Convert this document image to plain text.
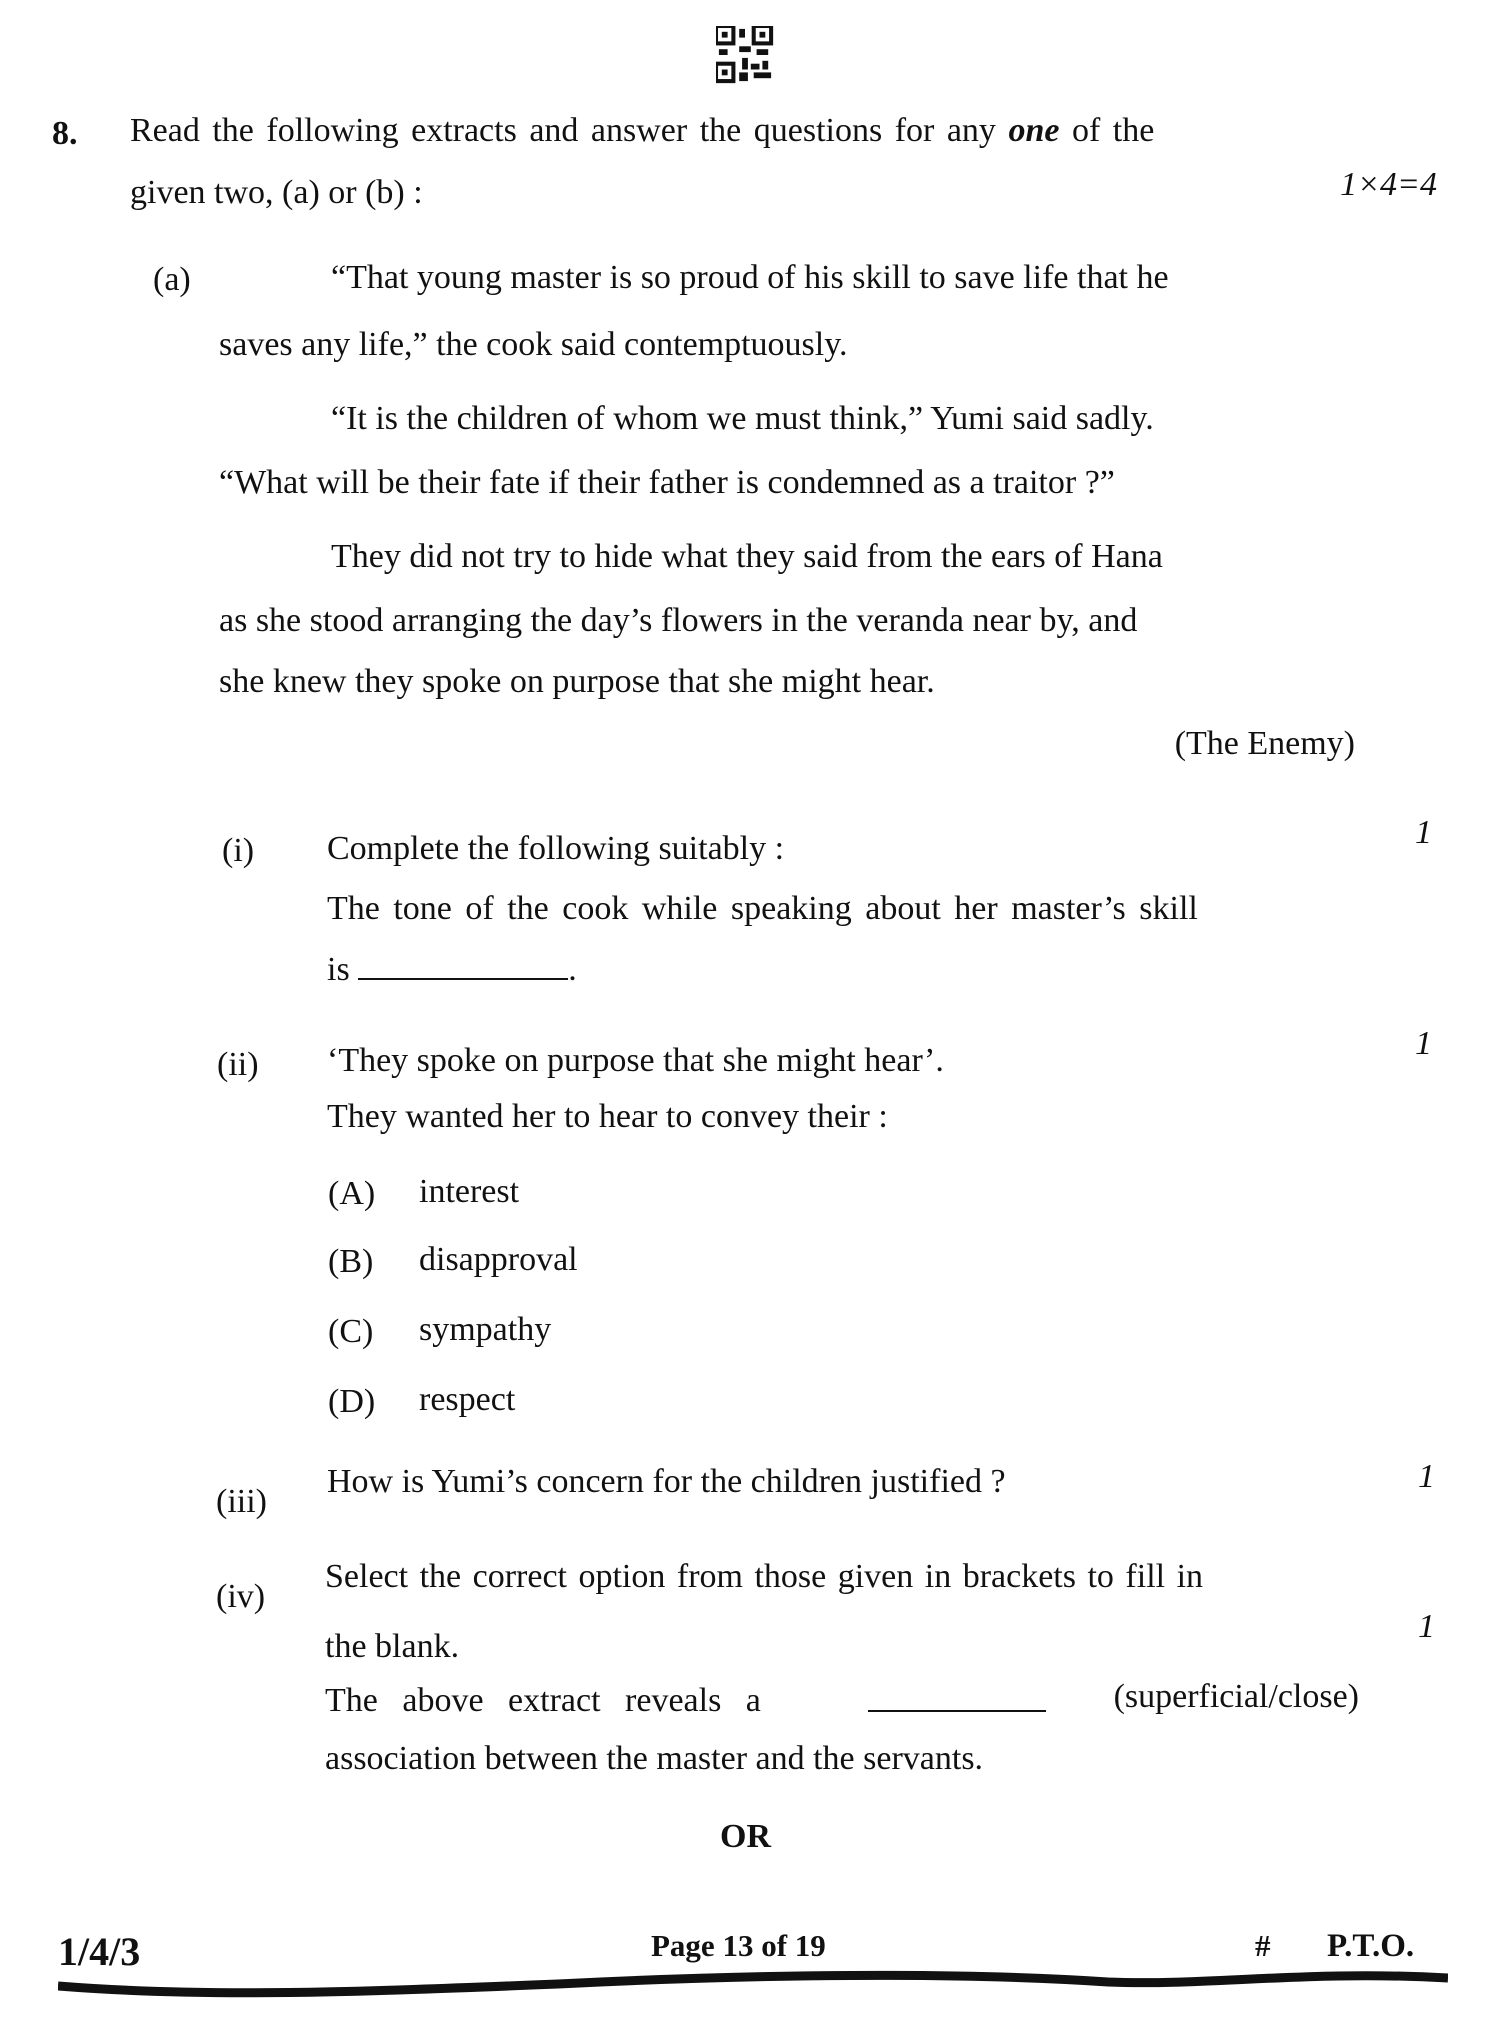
8. Read the following extracts and answer the questions for any one of the
given two, (a) or (b) :	1×4=4
(a)	“That young master is so proud of his skill to save life that he
saves any life,” the cook said contemptuously.
“It is the children of whom we must think,” Yumi said sadly.
“What will be their fate if their father is condemned as a traitor ?”
They did not try to hide what they said from the ears of Hana
as she stood arranging the day’s flowers in the veranda near by, and
she knew they spoke on purpose that she might hear.
(The Enemy)
(i)	1
Complete the following suitably :
The tone of the cook while speaking about her master’s skill
is	.
(ii)
1
‘They spoke on purpose that she might hear’.
They wanted her to hear to convey their :
(A) interest
(B) disapproval
(C) sympathy
(D) respect
(iii)
1
How is Yumi’s concern for the children justified ?
(iv)
1
Select the correct option from those given in brackets to fill in
the blank.
The above extract reveals a	(superficial/close)
association between the master and the servants.
OR
1/4/3	Page 13 of 19	# P.T.O.
